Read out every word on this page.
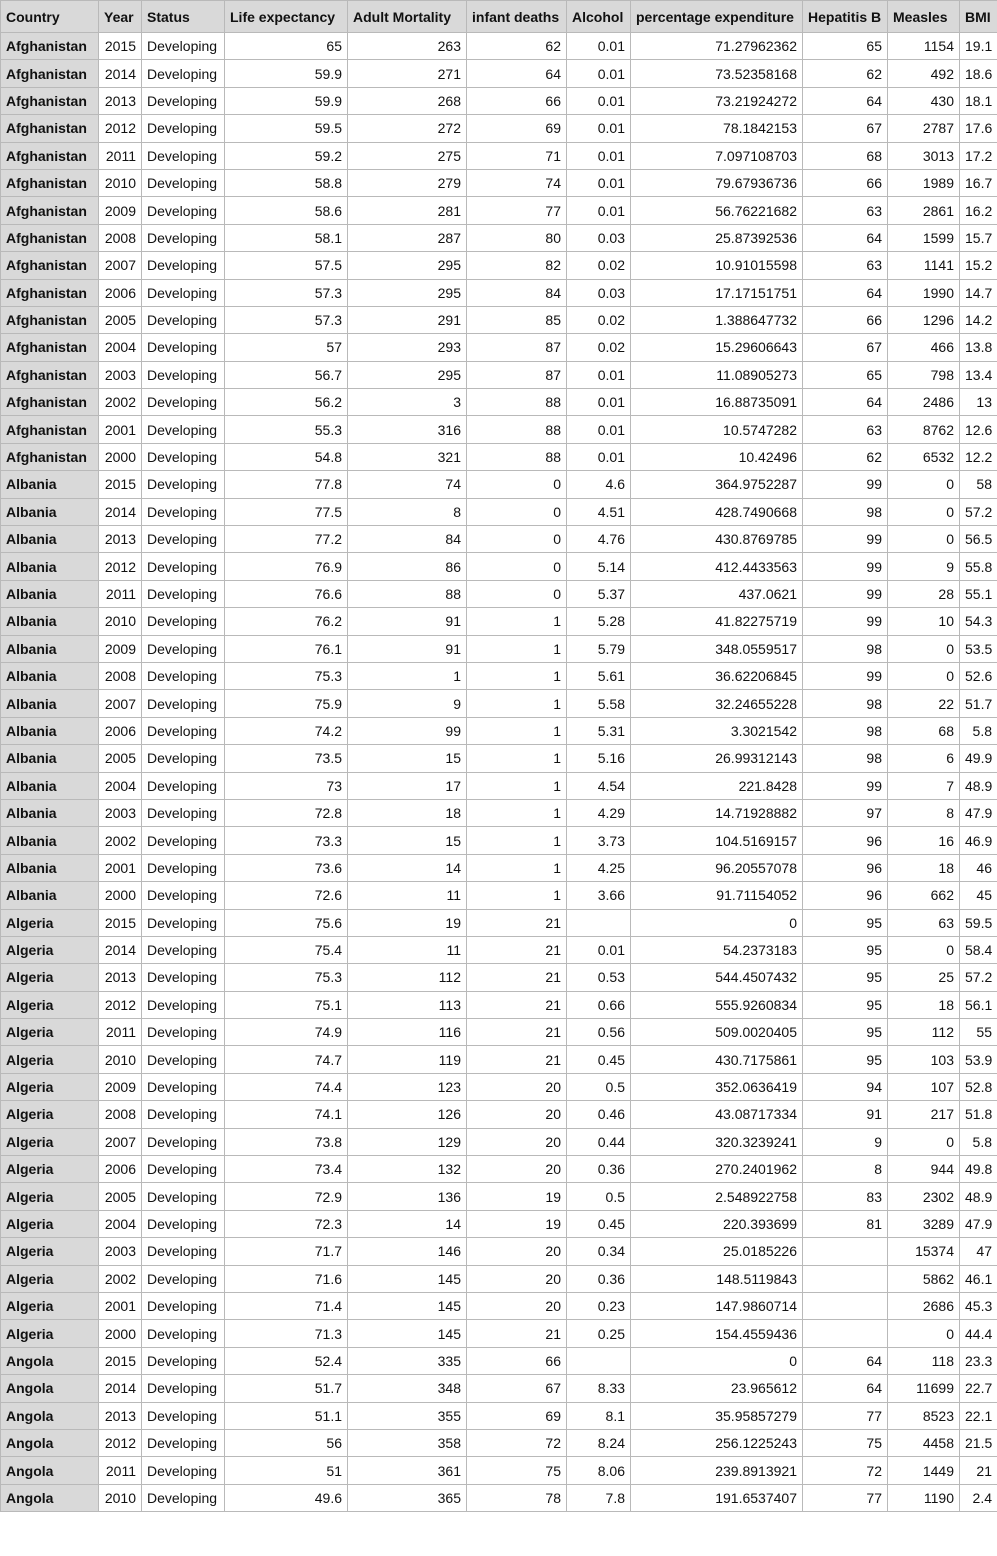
Country	Year	Status	Life expectancy	Adult Mortality	infant deaths	Alcohol	percentage expenditure	Hepatitis B	Measles	BMI
Afghanistan	2015	Developing	65	263	62	0.01	71.27962362	65	1154	19.1
Afghanistan	2014	Developing	59.9	271	64	0.01	73.52358168	62	492	18.6
Afghanistan	2013	Developing	59.9	268	66	0.01	73.21924272	64	430	18.1
Afghanistan	2012	Developing	59.5	272	69	0.01	78.1842153	67	2787	17.6
Afghanistan	2011	Developing	59.2	275	71	0.01	7.097108703	68	3013	17.2
Afghanistan	2010	Developing	58.8	279	74	0.01	79.67936736	66	1989	16.7
Afghanistan	2009	Developing	58.6	281	77	0.01	56.76221682	63	2861	16.2
Afghanistan	2008	Developing	58.1	287	80	0.03	25.87392536	64	1599	15.7
Afghanistan	2007	Developing	57.5	295	82	0.02	10.91015598	63	1141	15.2
Afghanistan	2006	Developing	57.3	295	84	0.03	17.17151751	64	1990	14.7
Afghanistan	2005	Developing	57.3	291	85	0.02	1.388647732	66	1296	14.2
Afghanistan	2004	Developing	57	293	87	0.02	15.29606643	67	466	13.8
Afghanistan	2003	Developing	56.7	295	87	0.01	11.08905273	65	798	13.4
Afghanistan	2002	Developing	56.2	3	88	0.01	16.88735091	64	2486	13
Afghanistan	2001	Developing	55.3	316	88	0.01	10.5747282	63	8762	12.6
Afghanistan	2000	Developing	54.8	321	88	0.01	10.42496	62	6532	12.2
Albania	2015	Developing	77.8	74	0	4.6	364.9752287	99	0	58
Albania	2014	Developing	77.5	8	0	4.51	428.7490668	98	0	57.2
Albania	2013	Developing	77.2	84	0	4.76	430.8769785	99	0	56.5
Albania	2012	Developing	76.9	86	0	5.14	412.4433563	99	9	55.8
Albania	2011	Developing	76.6	88	0	5.37	437.0621	99	28	55.1
Albania	2010	Developing	76.2	91	1	5.28	41.82275719	99	10	54.3
Albania	2009	Developing	76.1	91	1	5.79	348.0559517	98	0	53.5
Albania	2008	Developing	75.3	1	1	5.61	36.62206845	99	0	52.6
Albania	2007	Developing	75.9	9	1	5.58	32.24655228	98	22	51.7
Albania	2006	Developing	74.2	99	1	5.31	3.3021542	98	68	5.8
Albania	2005	Developing	73.5	15	1	5.16	26.99312143	98	6	49.9
Albania	2004	Developing	73	17	1	4.54	221.8428	99	7	48.9
Albania	2003	Developing	72.8	18	1	4.29	14.71928882	97	8	47.9
Albania	2002	Developing	73.3	15	1	3.73	104.5169157	96	16	46.9
Albania	2001	Developing	73.6	14	1	4.25	96.20557078	96	18	46
Albania	2000	Developing	72.6	11	1	3.66	91.71154052	96	662	45
Algeria	2015	Developing	75.6	19	21		0	95	63	59.5
Algeria	2014	Developing	75.4	11	21	0.01	54.2373183	95	0	58.4
Algeria	2013	Developing	75.3	112	21	0.53	544.4507432	95	25	57.2
Algeria	2012	Developing	75.1	113	21	0.66	555.9260834	95	18	56.1
Algeria	2011	Developing	74.9	116	21	0.56	509.0020405	95	112	55
Algeria	2010	Developing	74.7	119	21	0.45	430.7175861	95	103	53.9
Algeria	2009	Developing	74.4	123	20	0.5	352.0636419	94	107	52.8
Algeria	2008	Developing	74.1	126	20	0.46	43.08717334	91	217	51.8
Algeria	2007	Developing	73.8	129	20	0.44	320.3239241	9	0	5.8
Algeria	2006	Developing	73.4	132	20	0.36	270.2401962	8	944	49.8
Algeria	2005	Developing	72.9	136	19	0.5	2.548922758	83	2302	48.9
Algeria	2004	Developing	72.3	14	19	0.45	220.393699	81	3289	47.9
Algeria	2003	Developing	71.7	146	20	0.34	25.0185226		15374	47
Algeria	2002	Developing	71.6	145	20	0.36	148.5119843		5862	46.1
Algeria	2001	Developing	71.4	145	20	0.23	147.9860714		2686	45.3
Algeria	2000	Developing	71.3	145	21	0.25	154.4559436		0	44.4
Angola	2015	Developing	52.4	335	66		0	64	118	23.3
Angola	2014	Developing	51.7	348	67	8.33	23.965612	64	11699	22.7
Angola	2013	Developing	51.1	355	69	8.1	35.95857279	77	8523	22.1
Angola	2012	Developing	56	358	72	8.24	256.1225243	75	4458	21.5
Angola	2011	Developing	51	361	75	8.06	239.8913921	72	1449	21
Angola	2010	Developing	49.6	365	78	7.8	191.6537407	77	1190	2.4
